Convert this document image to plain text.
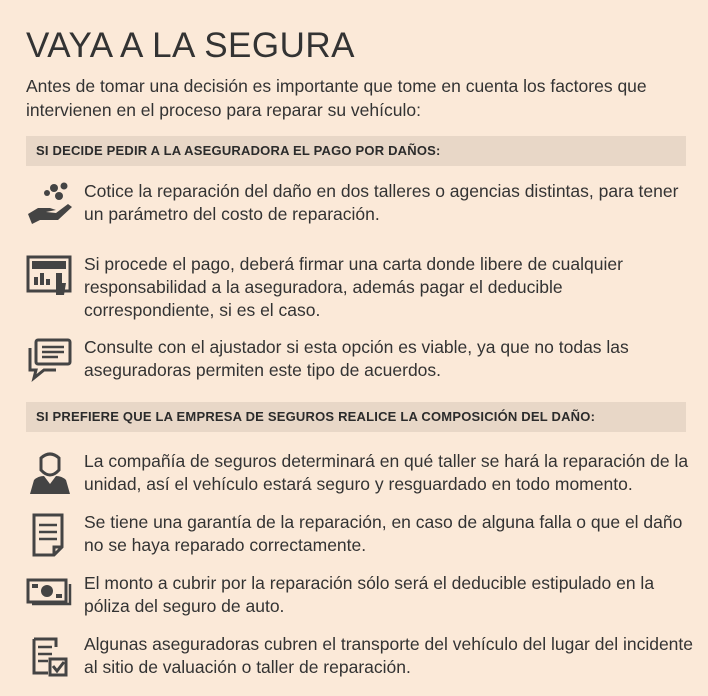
VAYA A LA SEGURA

Antes de tomar una decisión es importante que tome en cuenta los factores que intervienen en el proceso para reparar su vehículo:

SI DECIDE PEDIR A LA ASEGURADORA EL PAGO POR DAÑOS:
Cotice la reparación del daño en dos talleres o agencias distintas, para tener un parámetro del costo de reparación.
Si procede el pago, deberá firmar una carta donde libere de cualquier responsabilidad a la aseguradora, además pagar el deducible correspondiente, si es el caso.
Consulte con el ajustador si esta opción es viable, ya que no todas las aseguradoras permiten este tipo de acuerdos.
SI PREFIERE QUE LA EMPRESA DE SEGUROS REALICE LA COMPOSICIÓN DEL DAÑO:
La compañía de seguros determinará en qué taller se hará la reparación de la unidad, así el vehículo estará seguro y resguardado en todo momento.
Se tiene una garantía de la reparación, en caso de alguna falla o que el daño no se haya reparado correctamente.
El monto a cubrir por la reparación sólo será el deducible estipulado en la póliza del seguro de auto.
Algunas aseguradoras cubren el transporte del vehículo del lugar del incidente al sitio de valuación o taller de reparación.
